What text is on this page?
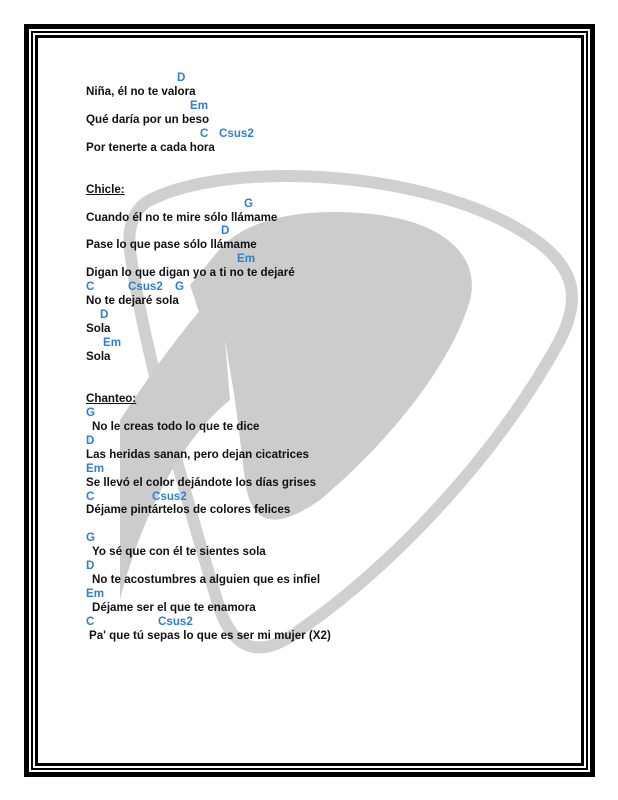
D
Niña, él no te valora
Em
Qué daría por un beso
C Csus2
Por tenerte a cada hora
Chicle:
G
Cuando él no te mire sólo llámame
D
Pase lo que pase sólo llámame
Em
Digan lo que digan yo a ti no te dejaré
C	Csus2 G
No te dejaré sola
D
Sola
Em
Sola
Chanteo:
G
No le creas todo lo que te dice
D
Las heridas sanan, pero dejan cicatrices
Em
Se llevó el color dejándote los días grises
C	Csus2
Déjame pintártelos de colores felices
G
Yo sé que con él te sientes sola
D
No te acostumbres a alguien que es infiel
Em
Déjame ser el que te enamora
C	Csus2
Pa' que tú sepas lo que es ser mi mujer (X2)
